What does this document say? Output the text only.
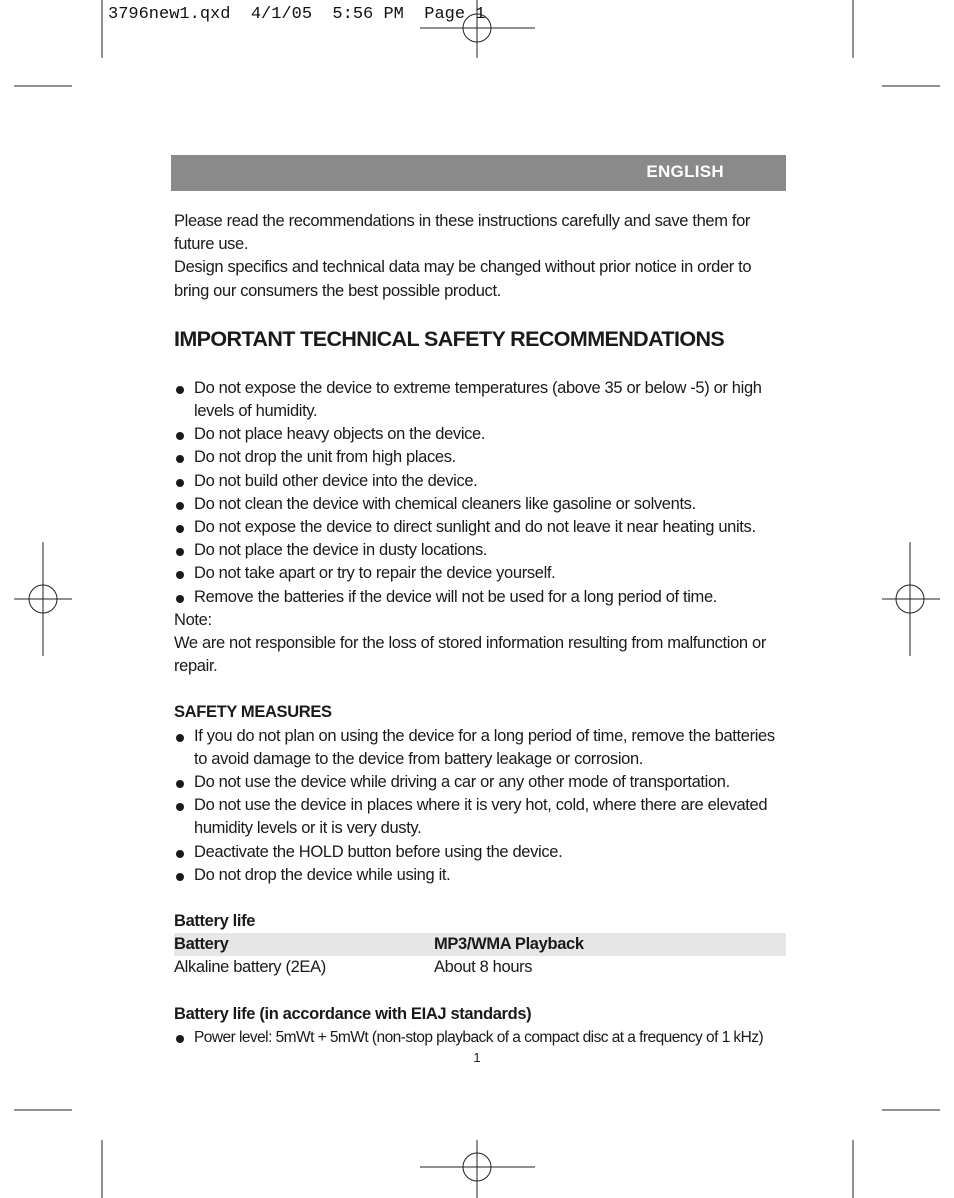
3796new1.qxd  4/1/05  5:56 PM  Page 1
ENGLISH

Please read the recommendations in these instructions carefully and save them for future use.

Design specifics and technical data may be changed without prior notice in order to bring our consumers the best possible product.

IMPORTANT TECHNICAL SAFETY RECOMMENDATIONS
Do not expose the device to extreme temperatures (above 35 or below -5) or high levels of humidity.
Do not place heavy objects on the device.
Do not drop the unit from high places.
Do not build other device into the device.
Do not clean the device with chemical cleaners like gasoline or solvents.
Do not expose the device to direct sunlight and do not leave it near heating units.
Do not place the device in dusty locations.
Do not take apart or try to repair the device yourself.
Remove the batteries if the device will not be used for a long period of time.

Note:

We are not responsible for the loss of stored information resulting from malfunction or repair.

SAFETY MEASURES
If you do not plan on using the device for a long period of time, remove the batteries to avoid damage to the device from battery leakage or corrosion.
Do not use the device while driving a car or any other mode of transportation.
Do not use the device in places where it is very hot, cold, where there are elevated humidity levels or it is very dusty.
Deactivate the HOLD button before using the device.
Do not drop the device while using it.
Battery life
Battery	MP3/WMA Playback
Alkaline battery (2EA)	About 8 hours
Battery life (in accordance with EIAJ standards)
Power level: 5mWt + 5mWt (non-stop playback of a compact disc at a frequency of 1 kHz)
1
